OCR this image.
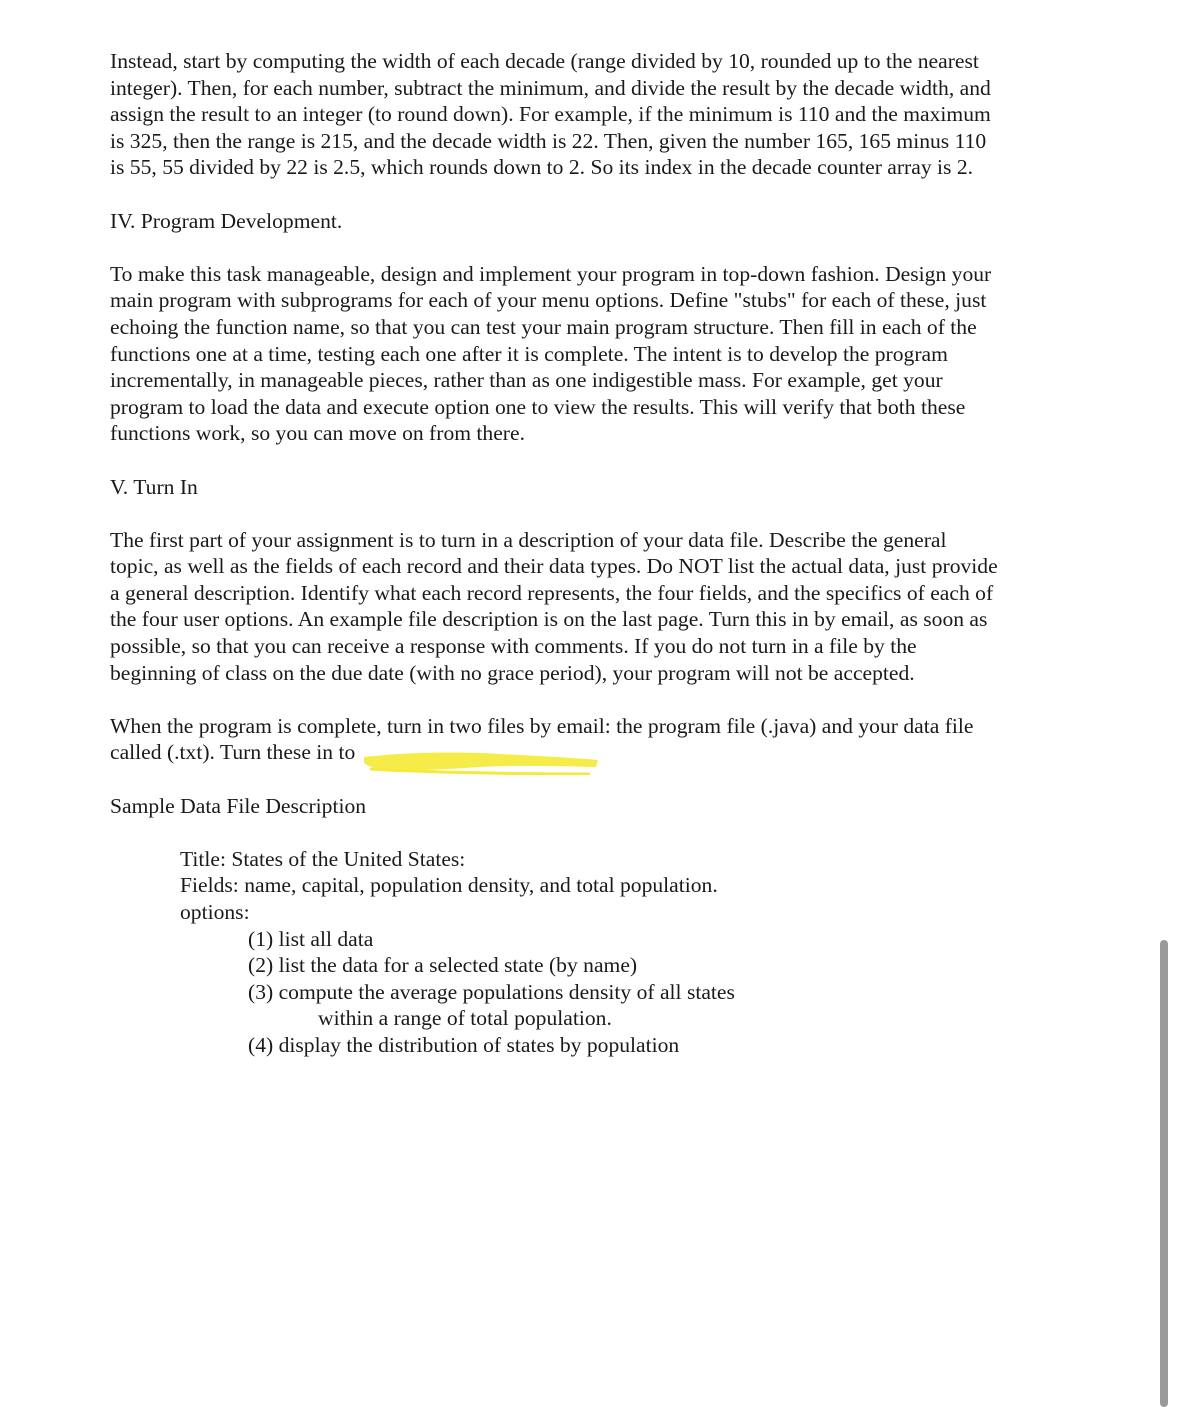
Instead, start by computing the width of each decade (range divided by 10, rounded up to the nearest
integer). Then, for each number, subtract the minimum, and divide the result by the decade width, and
assign the result to an integer (to round down). For example, if the minimum is 110 and the maximum
is 325, then the range is 215, and the decade width is 22. Then, given the number 165, 165 minus 110
is 55, 55 divided by 22 is 2.5, which rounds down to 2. So its index in the decade counter array is 2.
IV. Program Development.
To make this task manageable, design and implement your program in top-down fashion. Design your
main program with subprograms for each of your menu options. Define "stubs" for each of these, just
echoing the function name, so that you can test your main program structure. Then fill in each of the
functions one at a time, testing each one after it is complete. The intent is to develop the program
incrementally, in manageable pieces, rather than as one indigestible mass. For example, get your
program to load the data and execute option one to view the results. This will verify that both these
functions work, so you can move on from there.
V. Turn In
The first part of your assignment is to turn in a description of your data file. Describe the general
topic, as well as the fields of each record and their data types. Do NOT list the actual data, just provide
a general description. Identify what each record represents, the four fields, and the specifics of each of
the four user options. An example file description is on the last page. Turn this in by email, as soon as
possible, so that you can receive a response with comments. If you do not turn in a file by the
beginning of class on the due date (with no grace period), your program will not be accepted.
When the program is complete, turn in two files by email: the program file (.java) and your data file
called (.txt). Turn these in to
Sample Data File Description
Title: States of the United States:
Fields: name, capital, population density, and total population.
options:
(1) list all data
(2) list the data for a selected state (by name)
(3) compute the average populations density of all states
within a range of total population.
(4) display the distribution of states by population
